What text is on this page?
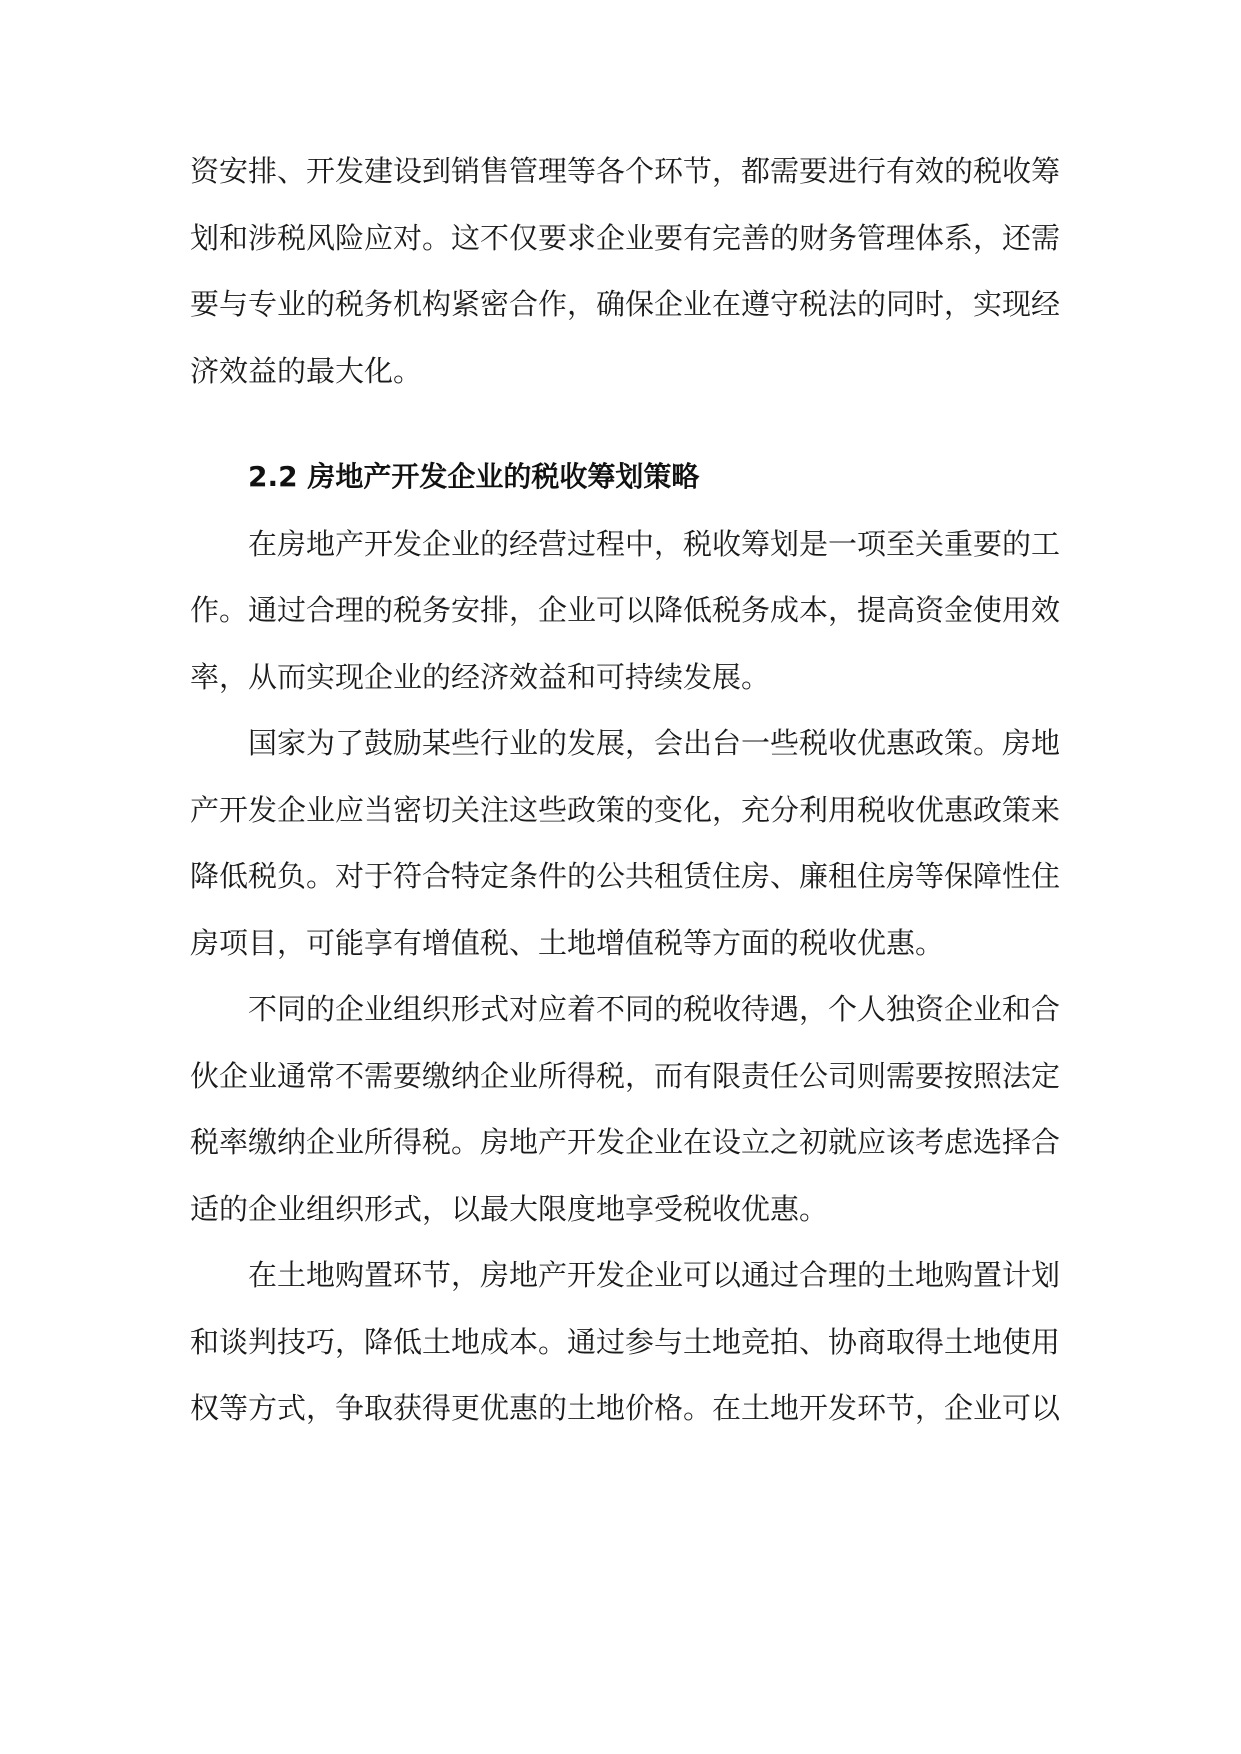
资安排、开发建设到销售管理等各个环节，都需要进行有效的税收筹划和涉税风险应对。这不仅要求企业要有完善的财务管理体系，还需要与专业的税务机构紧密合作，确保企业在遵守税法的同时，实现经济效益的最大化。

2.2 房地产开发企业的税收筹划策略

在房地产开发企业的经营过程中，税收筹划是一项至关重要的工作。通过合理的税务安排，企业可以降低税务成本，提高资金使用效率，从而实现企业的经济效益和可持续发展。

国家为了鼓励某些行业的发展，会出台一些税收优惠政策。房地产开发企业应当密切关注这些政策的变化，充分利用税收优惠政策来降低税负。对于符合特定条件的公共租赁住房、廉租住房等保障性住房项目，可能享有增值税、土地增值税等方面的税收优惠。

不同的企业组织形式对应着不同的税收待遇，个人独资企业和合伙企业通常不需要缴纳企业所得税，而有限责任公司则需要按照法定税率缴纳企业所得税。房地产开发企业在设立之初就应该考虑选择合适的企业组织形式，以最大限度地享受税收优惠。

在土地购置环节，房地产开发企业可以通过合理的土地购置计划和谈判技巧，降低土地成本。通过参与土地竞拍、协商取得土地使用权等方式，争取获得更优惠的土地价格。在土地开发环节，企业可以
